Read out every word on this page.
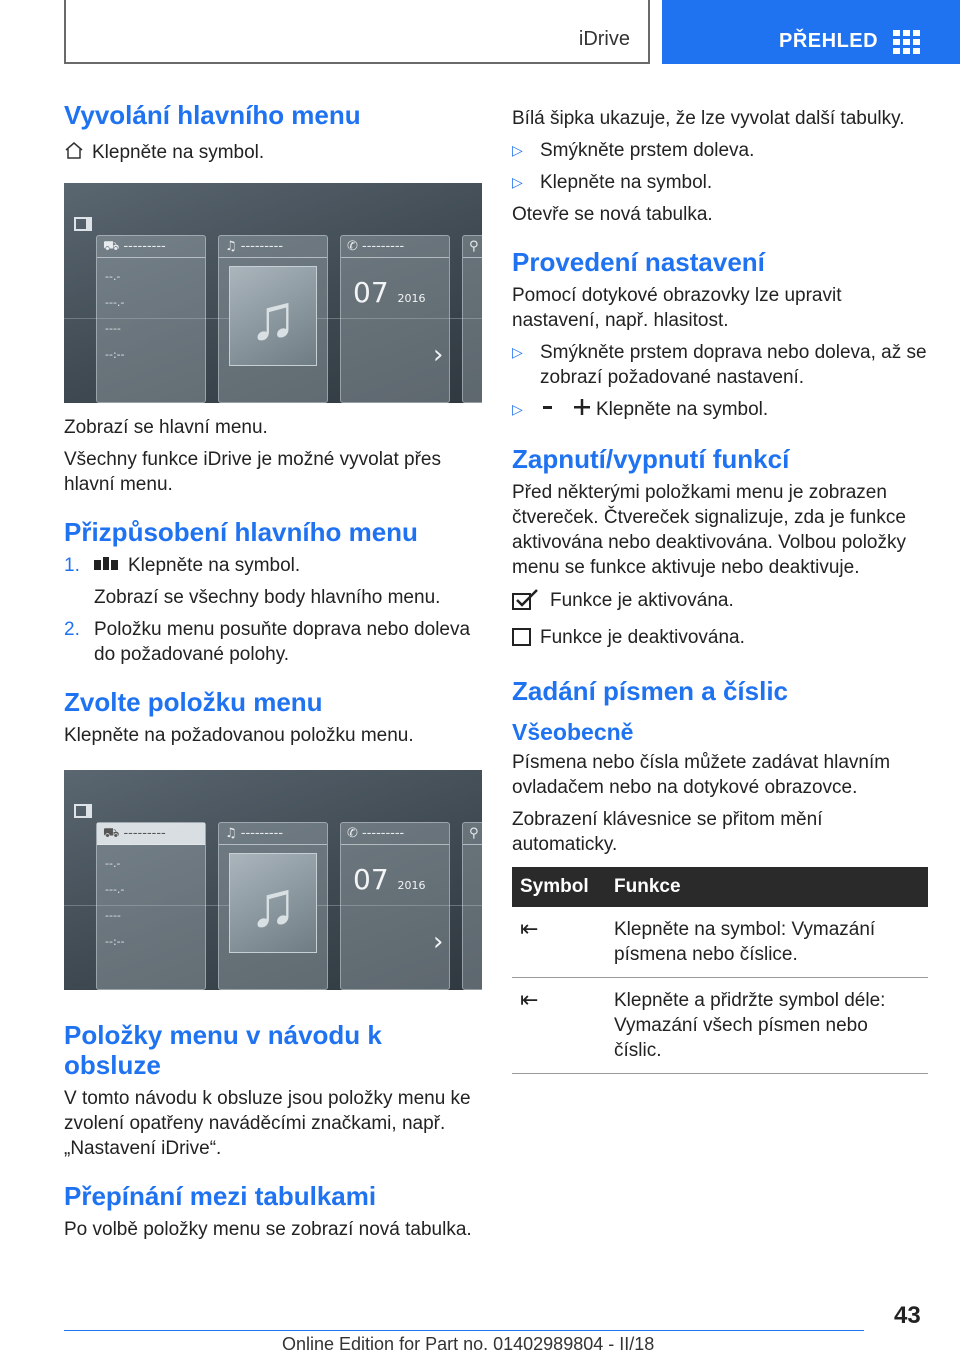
iDrive	PŘEHLED
Vyvolání hlavního menu
Klepněte na symbol.
⛟ ---------
--.-
---.-
----
--:--
♫ ---------
♫
✆ ---------
07 2016
›
⚲

Zobrazí se hlavní menu.

Všechny funkce iDrive je možné vyvolat přes hlavní menu.

Přizpůsobení hlavního menu
1.	Klepněte na symbol.

Zobrazí se všechny body hlavního menu.

2. Položku menu posuňte doprava nebo doleva do požadované polohy.
Zvolte položku menu

Klepněte na požadovanou položku menu.

⛟ ---------
--.-
---.-
----
--:--
♫ ---------
♫
✆ ---------
07 2016
›
⚲
Položky menu v návodu k obsluze

V tomto návodu k obsluze jsou položky menu ke zvolení opatřeny naváděcími značkami, např. „Nastavení iDrive“.

Přepínání mezi tabulkami

Po volbě položky menu se zobrazí nová tabulka.

Bílá šipka ukazuje, že lze vyvolat další tabulky.

▷ Smýkněte prstem doleva.
▷ Klepněte na symbol.

Otevře se nová tabulka.

Provedení nastavení

Pomocí dotykové obrazovky lze upravit nastavení, např. hlasitost.

▷ Smýkněte prstem doprava nebo doleva, až se zobrazí požadované nastavení.
▷	Klepněte na symbol.
Zapnutí/vypnutí funkcí

Před některými položkami menu je zobrazen čtvereček. Čtvereček signalizuje, zda je funkce aktivována nebo deaktivována. Volbou položky menu se funkce aktivuje nebo deaktivuje.

Funkce je aktivována.
Funkce je deaktivována.
Zadání písmen a číslic
Všeobecně

Písmena nebo čísla můžete zadávat hlavním ovladačem nebo na dotykové obrazovce.

Zobrazení klávesnice se přitom mění automaticky.

Symbol	Funkce
⇤	Klepněte na symbol: Vymazání písmena nebo číslice.
⇤	Klepněte a přidržte symbol déle: Vymazání všech písmen nebo číslic.
43
Online Edition for Part no. 01402989804 - II/18
